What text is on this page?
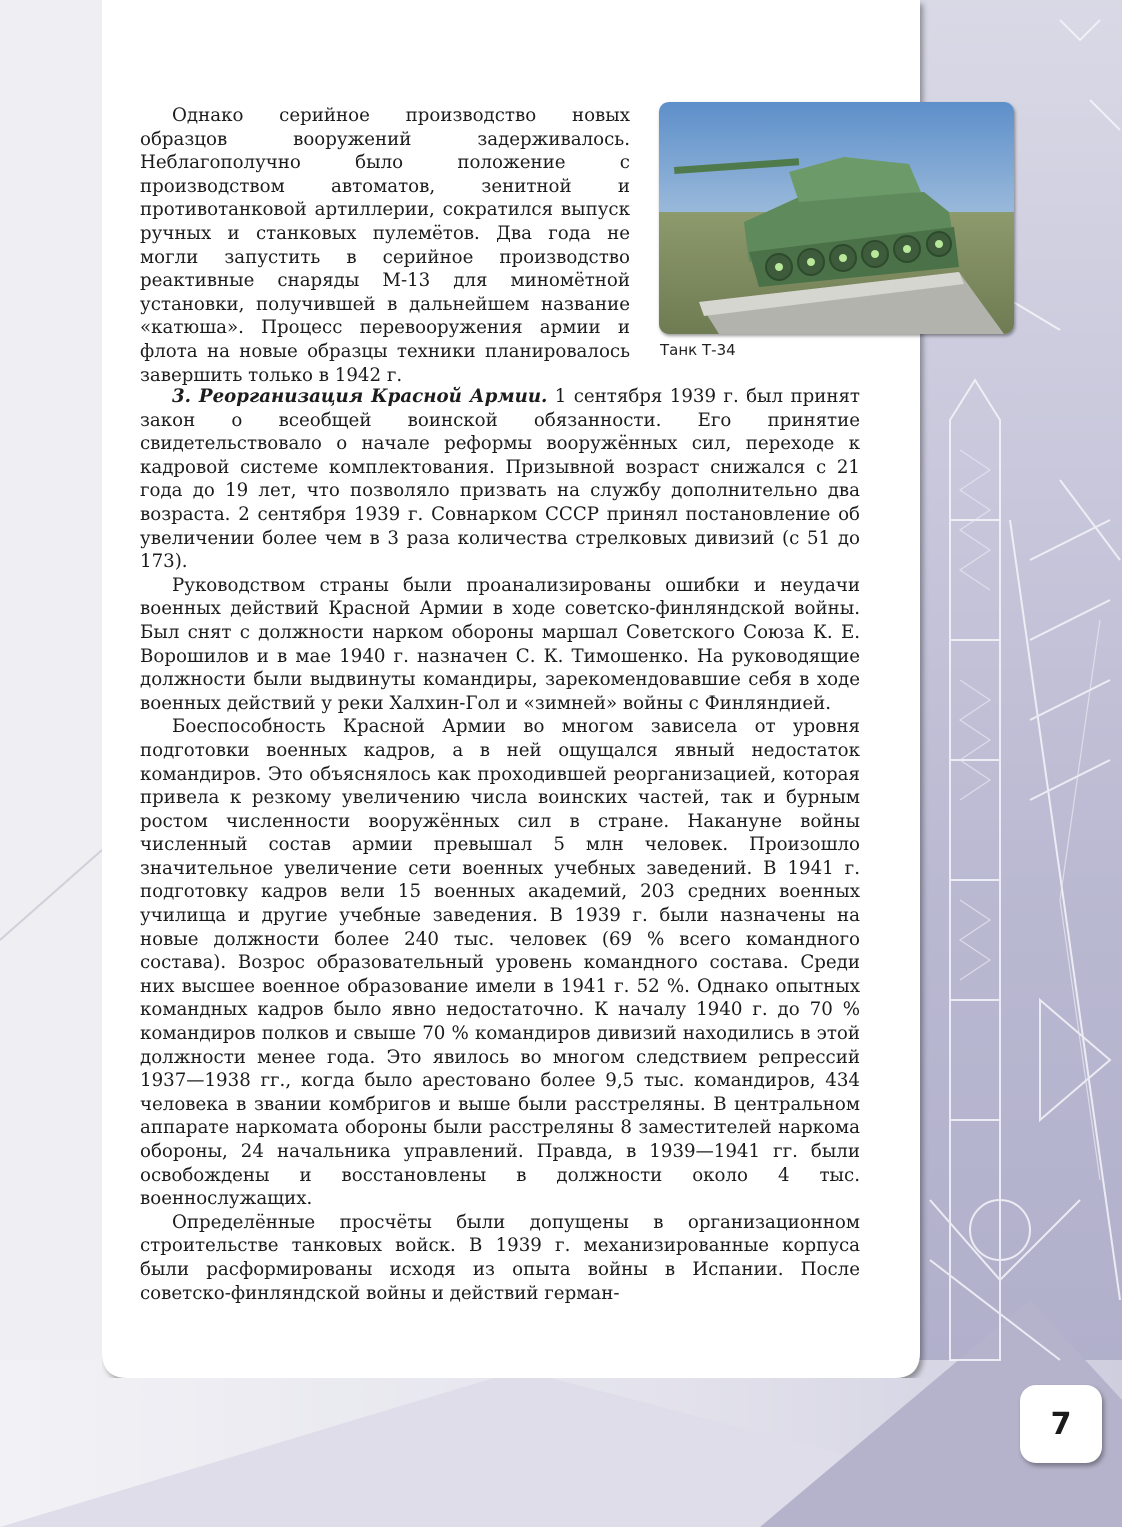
Однако серийное производство новых образцов вооружений задерживалось. Неблагополучно было положение с производством автоматов, зенитной и противотанковой артиллерии, сократился выпуск ручных и станковых пулемётов. Два года не могли запустить в серийное производство реактивные снаряды М-13 для миномётной установки, получившей в дальнейшем название «катюша». Процесс перевооружения армии и флота на новые образцы техники планировалось завершить только в 1942 г.

Танк Т-34

3. Реорганизация Красной Армии. 1 сентября 1939 г. был принят закон о всеобщей воинской обязанности. Его принятие свидетельствовало о начале реформы вооружённых сил, переходе к кадровой системе комплектования. Призывной возраст снижался с 21 года до 19 лет, что позволяло призвать на службу дополнительно два возраста. 2 сентября 1939 г. Совнарком СССР принял постановление об увеличении более чем в 3 раза количества стрелковых дивизий (с 51 до 173).

Руководством страны были проанализированы ошибки и неудачи военных действий Красной Армии в ходе советско-финляндской войны. Был снят с должности нарком обороны маршал Советского Союза К. Е. Ворошилов и в мае 1940 г. назначен С. К. Тимошенко. На руководящие должности были выдвинуты командиры, зарекомендовавшие себя в ходе военных действий у реки Халхин-Гол и «зимней» войны с Финляндией.

Боеспособность Красной Армии во многом зависела от уровня подготовки военных кадров, а в ней ощущался явный недостаток командиров. Это объяснялось как проходившей реорганизацией, которая привела к резкому увеличению числа воинских частей, так и бурным ростом численности вооружённых сил в стране. Накануне войны численный состав армии превышал 5 млн человек. Произошло значительное увеличение сети военных учебных заведений. В 1941 г. подготовку кадров вели 15 военных академий, 203 средних военных училища и другие учебные заведения. В 1939 г. были назначены на новые должности более 240 тыс. человек (69 % всего командного состава). Возрос образовательный уровень командного состава. Среди них высшее военное образование имели в 1941 г. 52 %. Однако опытных командных кадров было явно недостаточно. К началу 1940 г. до 70 % командиров полков и свыше 70 % командиров дивизий находились в этой должности менее года. Это явилось во многом следствием репрессий 1937—1938 гг., когда было арестовано более 9,5 тыс. командиров, 434 человека в звании комбригов и выше были расстреляны. В центральном аппарате наркомата обороны были расстреляны 8 заместителей наркома обороны, 24 начальника управлений. Правда, в 1939—1941 гг. были освобождены и восстановлены в должности около 4 тыс. военнослужащих.

Определённые просчёты были допущены в организационном строительстве танковых войск. В 1939 г. механизированные корпуса были расформированы исходя из опыта войны в Испании. После советско-финляндской войны и действий герман-

7
